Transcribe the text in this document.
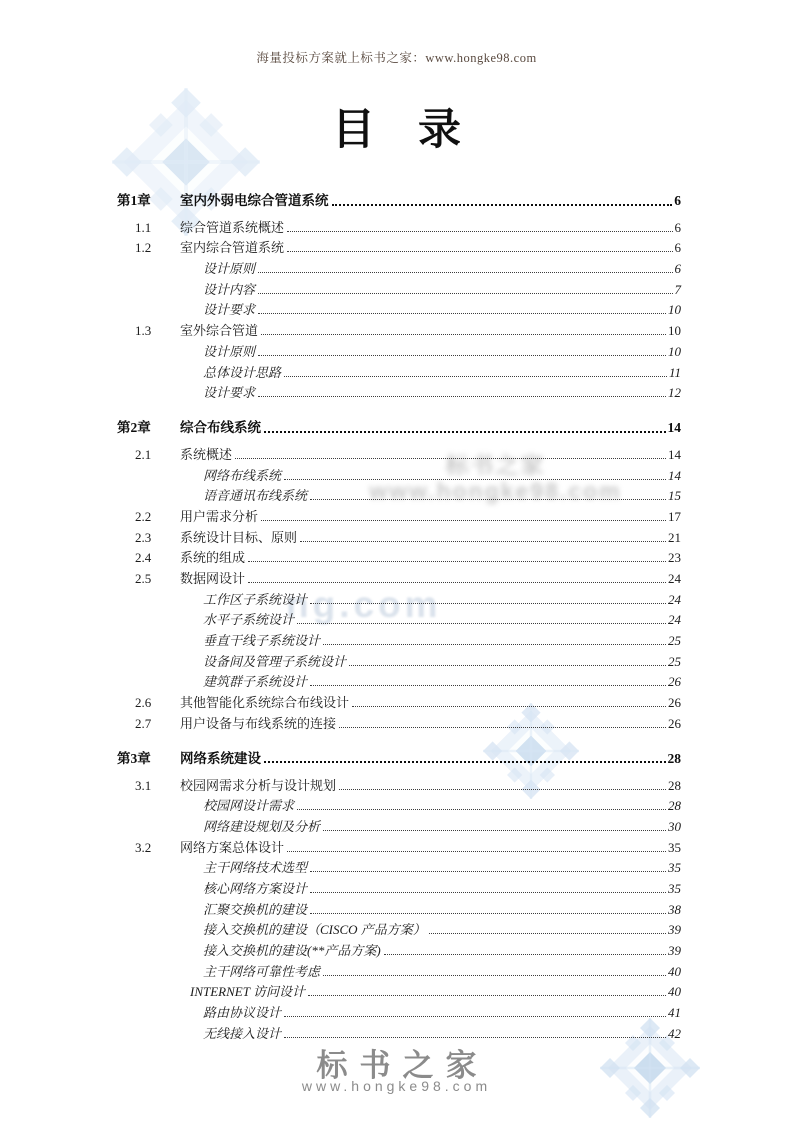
标书之家 www.hongke98.com
ng.com
海量投标方案就上标书之家：www.hongke98.com
目　录
第1章	室内外弱电综合管道系统	6
1.1	综合管道系统概述	6
1.2	室内综合管道系统	6
设计原则	6
设计内容	7
设计要求	10
1.3	室外综合管道	10
设计原则	10
总体设计思路	11
设计要求	12
第2章	综合布线系统	14
2.1	系统概述	14
网络布线系统	14
语音通讯布线系统	15
2.2	用户需求分析	17
2.3	系统设计目标、原则	21
2.4	系统的组成	23
2.5	数据网设计	24
工作区子系统设计	24
水平子系统设计	24
垂直干线子系统设计	25
设备间及管理子系统设计	25
建筑群子系统设计	26
2.6	其他智能化系统综合布线设计	26
2.7	用户设备与布线系统的连接	26
第3章	网络系统建设	28
3.1	校园网需求分析与设计规划	28
校园网设计需求	28
网络建设规划及分析	30
3.2	网络方案总体设计	35
主干网络技术选型	35
核心网络方案设计	35
汇聚交换机的建设	38
接入交换机的建设（CISCO 产品方案）	39
接入交换机的建设(**产品方案)	39
主干网络可靠性考虑	40
INTERNET 访问设计	40
路由协议设计	41
无线接入设计	42
标书之家
www.hongke98.com
